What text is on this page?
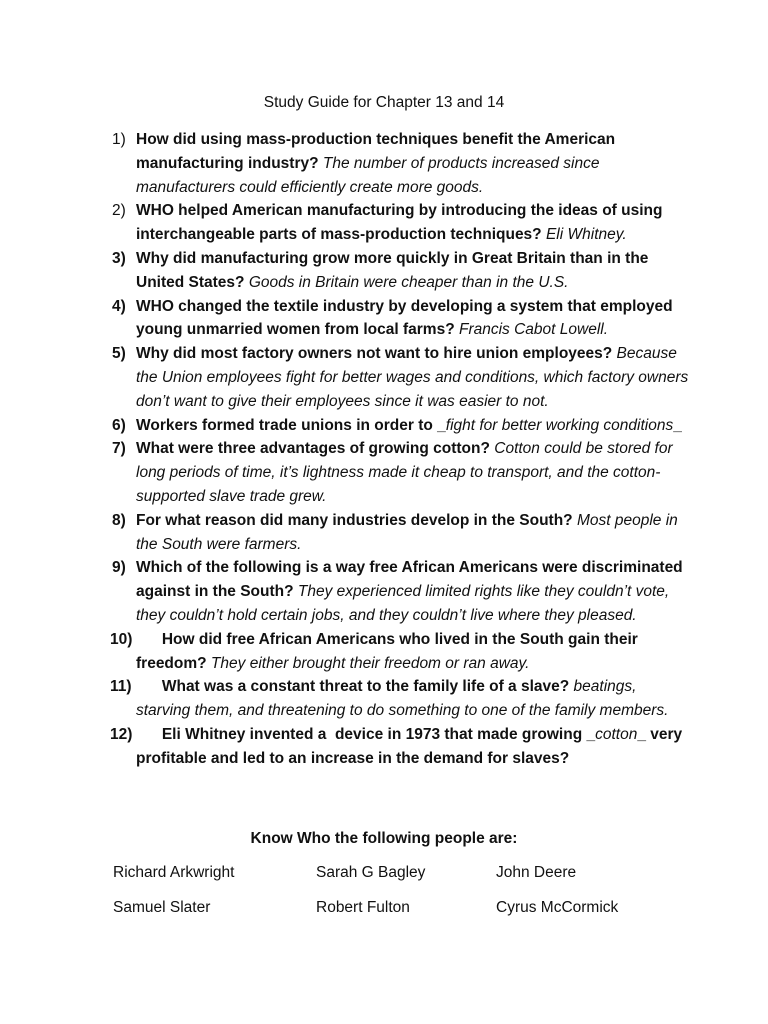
Study Guide for Chapter 13 and 14
1) How did using mass-production techniques benefit the American manufacturing industry? The number of products increased since manufacturers could efficiently create more goods.
2) WHO helped American manufacturing by introducing the ideas of using interchangeable parts of mass-production techniques? Eli Whitney.
3) Why did manufacturing grow more quickly in Great Britain than in the United States? Goods in Britain were cheaper than in the U.S.
4) WHO changed the textile industry by developing a system that employed young unmarried women from local farms? Francis Cabot Lowell.
5) Why did most factory owners not want to hire union employees? Because the Union employees fight for better wages and conditions, which factory owners don’t want to give their employees since it was easier to not.
6) Workers formed trade unions in order to _fight for better working conditions_
7) What were three advantages of growing cotton? Cotton could be stored for long periods of time, it’s lightness made it cheap to transport, and the cotton-supported slave trade grew.
8) For what reason did many industries develop in the South? Most people in the South were farmers.
9) Which of the following is a way free African Americans were discriminated against in the South? They experienced limited rights like they couldn’t vote, they couldn’t hold certain jobs, and they couldn’t live where they pleased.
10) How did free African Americans who lived in the South gain their freedom? They either brought their freedom or ran away.
11) What was a constant threat to the family life of a slave? beatings, starving them, and threatening to do something to one of the family members.
12) Eli Whitney invented a  device in 1973 that made growing _cotton_ very profitable and led to an increase in the demand for slaves?
Know Who the following people are:
Richard Arkwright	Sarah G Bagley	John Deere
Samuel Slater	Robert Fulton	Cyrus McCormick
